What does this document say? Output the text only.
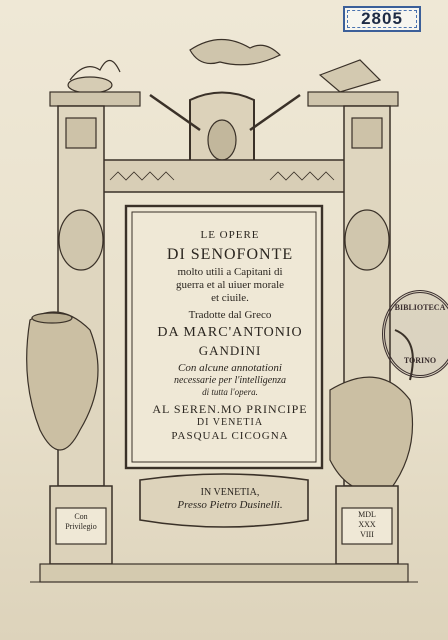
2805
LE OPERE
DI SENOFONTE
molto utili a Capitani di
guerra et al uiuer morale
et ciuile.
Tradotte dal Greco
DA MARC'ANTONIO
GANDINI
Con alcune annotationi
necessarie per l'intelligenza
di tutta l'opera.
AL SEREN.MO PRINCIPE
DI VENETIA
PASQUAL CICOGNA
IN VENETIA,
Presso Pietro Dusinelli.
Con
Privilegio
MDL
XXX
VIII
BIBLIOTECA
TORINO
